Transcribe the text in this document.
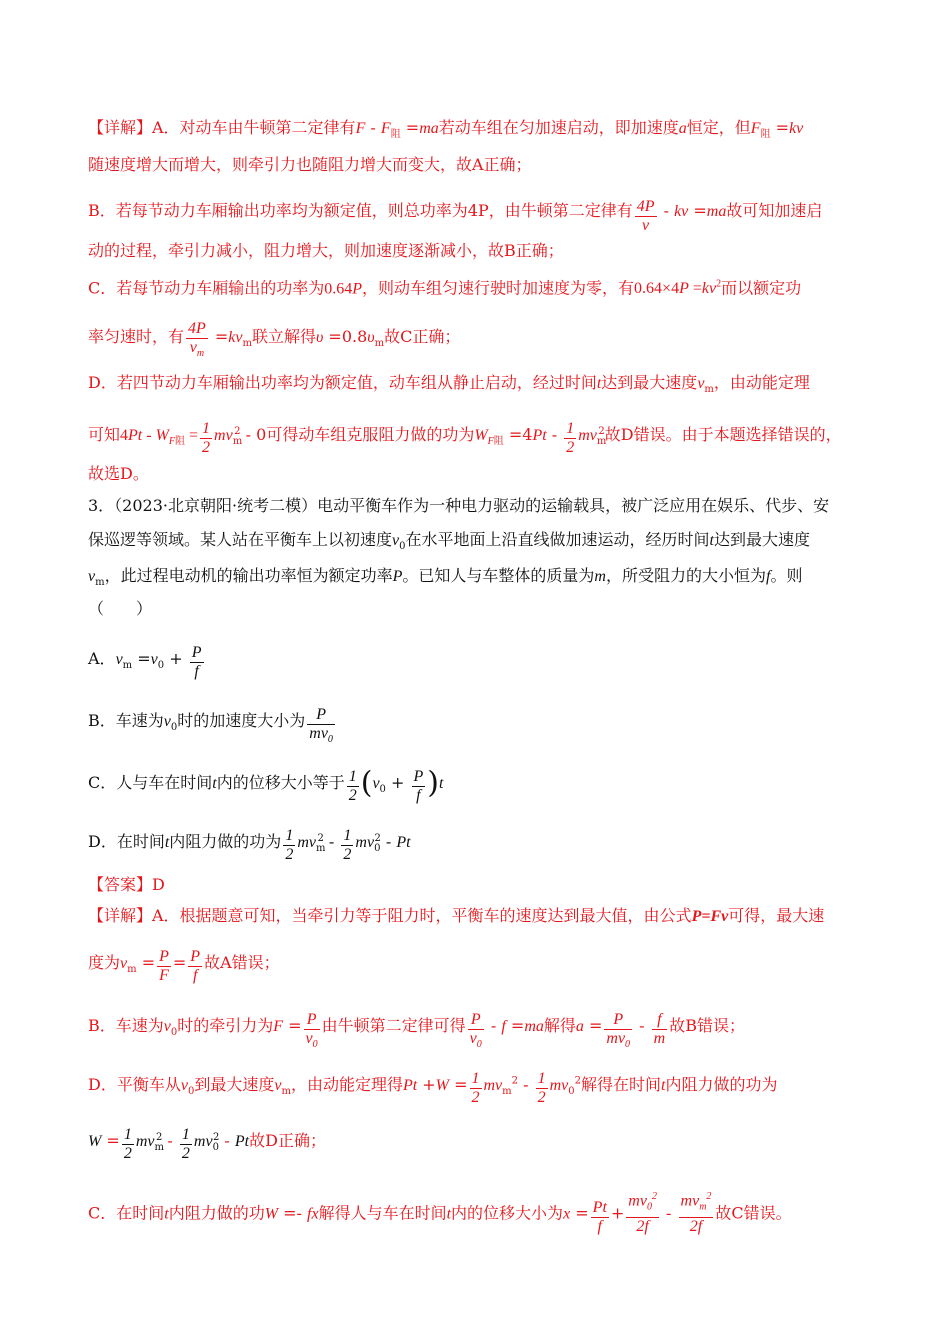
【详解】A．对动车由牛顿第二定律有$F - F_阻 =ma$若动车组在匀加速启动，即加速度a恒定，但$F_阻 =kv$
随速度增大而增大，则牵引力也随阻力增大而变大，故A正确；
B．若每节动力车厢输出功率均为额定值，则总功率为4P，由牛顿第二定律有 $\frac{4P}{v}$ - kv =ma故可知加速启
动的过程，牵引力减小，阻力增大，则加速度逐渐减小，故B正确；
C．若每节动力车厢输出的功率为0.64P，则动车组匀速行驶时加速度为零，有$0.64\times 4P =kv^2$而以额定功
率匀速时，有 $\frac{4P}{v_m} =kv_m$联立解得$\upsilon =0.8\upsilon_m$故C正确；
D．若四节动力车厢输出功率均为额定值，动车组从静止启动，经过时间t达到最大速度$v_m$，由动能定理
可知$4Pt - W_{F阻} = \frac{1}{2} mv_m^2 - 0$可得动车组克服阻力做的功为$W_{F阻} =4Pt - \frac{1}{2} mv_m^2$故D错误。由于本题选择错误的，
故选D。
3．（2023·北京朝阳·统考二模）电动平衡车作为一种电力驱动的运输载具，被广泛应用在娱乐、代步、安
保巡逻等领域。某人站在平衡车上以初速度$v_0$在水平地面上沿直线做加速运动，经历时间t达到最大速度
$v_m$，此过程电动机的输出功率恒为额定功率P。已知人与车整体的质量为m，所受阻力的大小恒为f。则
（　　）
A．$v_m =v_0 + \frac{P}{f}$
B．车速为$v_0$时的加速度大小为 $\frac{P}{mv_0}$
C．人与车在时间t内的位移大小等于 $\frac{1}{2} (v_0 + \frac{P}{f} )t$
D．在时间t内阻力做的功为 $\frac{1}{2} mv_m^2 - \frac{1}{2} mv_0^2$ - Pt
【答案】D
【详解】A．根据题意可知，当牵引力等于阻力时，平衡车的速度达到最大值，由公式P=Fv可得，最大速
度为$v_m = \frac{P}{F} = \frac{P}{f}$ 故A错误；
B．车速为$v_0$时的牵引力为$F = \frac{P}{v_0}$ 由牛顿第二定律可得 $\frac{P}{v_0} - f =ma$解得$a = \frac{P}{mv_0} - \frac{f}{m}$ 故B错误；
D．平衡车从$v_0$到最大速度$v_m$，由动能定理得$Pt +W = \frac{1}{2} mv_m^2 - \frac{1}{2} mv_0^2$解得在时间t内阻力做的功为
$W = \frac{1}{2} mv_m^2 - \frac{1}{2} mv_0^2 - Pt$故D正确；
C．在时间t内阻力做的功W =- fx解得人与车在时间t内的位移大小为$x = \frac{Pt}{f} + \frac{mv_0^2}{2f} - \frac{mv_m^2}{2f}$ 故C错误。
